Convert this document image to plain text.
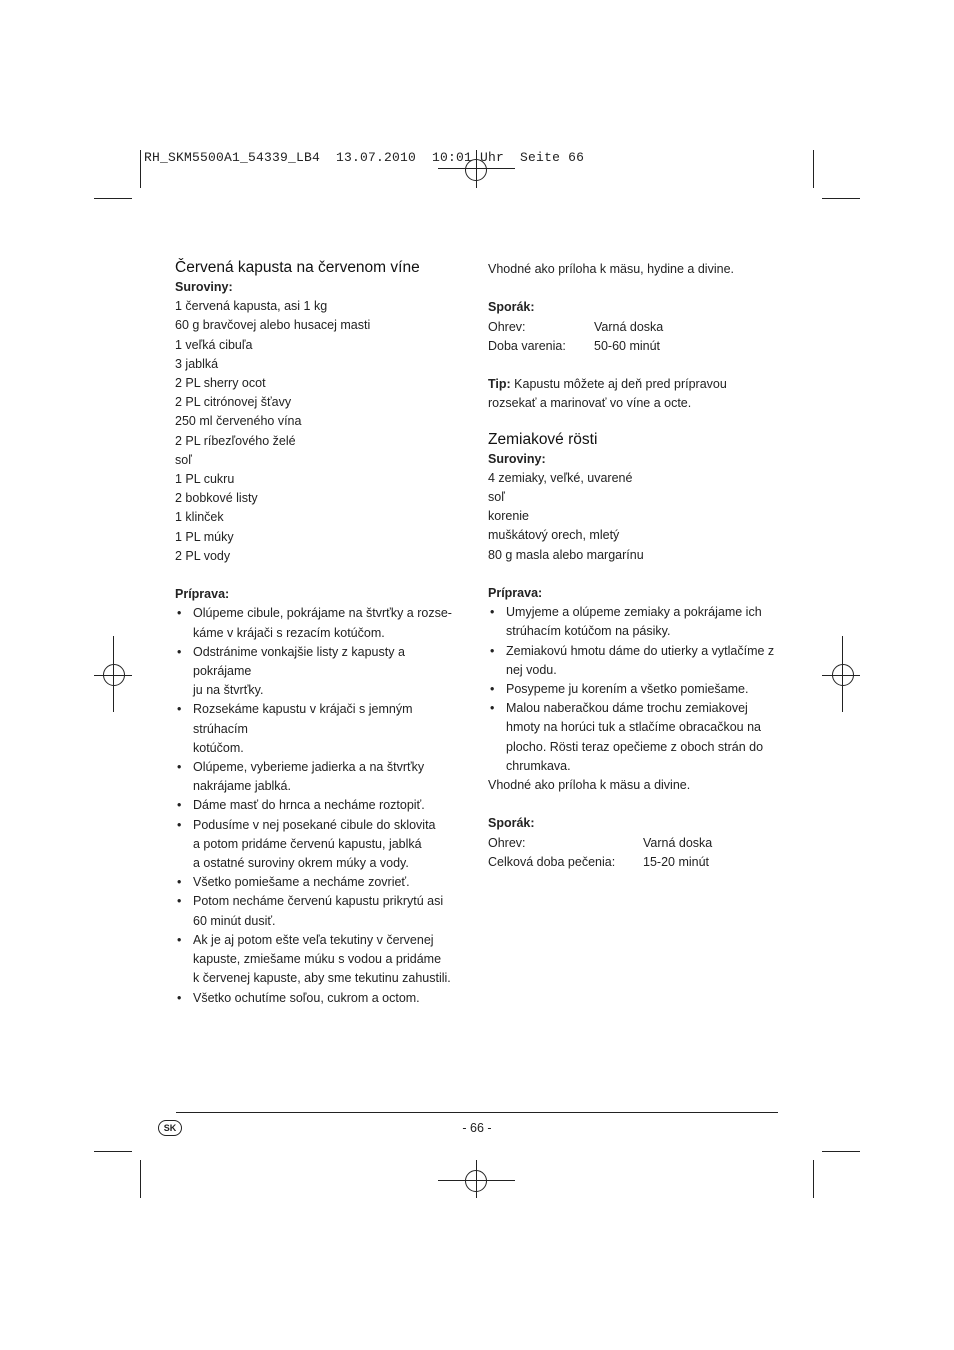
RH_SKM5500A1_54339_LB4  13.07.2010  10:01 Uhr  Seite 66
Červená kapusta na červenom víne
Suroviny:
1 červená kapusta, asi 1 kg
60 g bravčovej alebo husacej masti
1 veľká cibuľa
3 jablká
2 PL sherry ocot
2 PL citrónovej šťavy
250 ml červeného vína
2 PL ríbezľového želé
soľ
1 PL cukru
2 bobkové listy
1 klinček
1 PL múky
2 PL vody
Príprava:
• Olúpeme cibule, pokrájame na štvrťky a rozse-
káme v krájači s rezacím kotúčom.
• Odstránime vonkajšie listy z kapusty a pokrájame
ju na štvrťky.
• Rozsekáme kapustu v krájači s jemným strúhacím
kotúčom.
• Olúpeme, vyberieme jadierka a na štvrťky
nakrájame jablká.
• Dáme masť do hrnca a necháme roztopiť.
• Podusíme v nej posekané cibule do sklovita
a potom pridáme červenú kapustu, jablká
a ostatné suroviny okrem múky a vody.
• Všetko pomiešame a necháme zovrieť.
• Potom necháme červenú kapustu prikrytú asi
60 minút dusiť.
• Ak je aj potom ešte veľa tekutiny v červenej
kapuste, zmiešame múku s vodou a pridáme
k červenej kapuste, aby sme tekutinu zahustili.
• Všetko ochutíme soľou, cukrom a octom.
Vhodné ako príloha k mäsu, hydine a divine.
Sporák:
Ohrev:	Varná doska
Doba varenia:	50-60 minút
Tip: Kapustu môžete aj deň pred prípravou
rozsekať a marinovať vo víne a octe.
Zemiakové rösti
Suroviny:
4 zemiaky, veľké, uvarené
soľ
korenie
muškátový orech, mletý
80 g masla alebo margarínu
Príprava:
• Umyjeme a olúpeme zemiaky a pokrájame ich
strúhacím kotúčom na pásiky.
• Zemiakovú hmotu dáme do utierky a vytlačíme z
nej vodu.
• Posypeme ju korením a všetko pomiešame.
• Malou naberačkou dáme trochu zemiakovej
hmoty na horúci tuk a stlačíme obracačkou na
plocho. Rösti teraz opečieme z oboch strán do
chrumkava.
Vhodné ako príloha k mäsu a divine.
Sporák:
Ohrev:	Varná doska
Celková doba pečenia:	15-20 minút
SK	- 66 -
